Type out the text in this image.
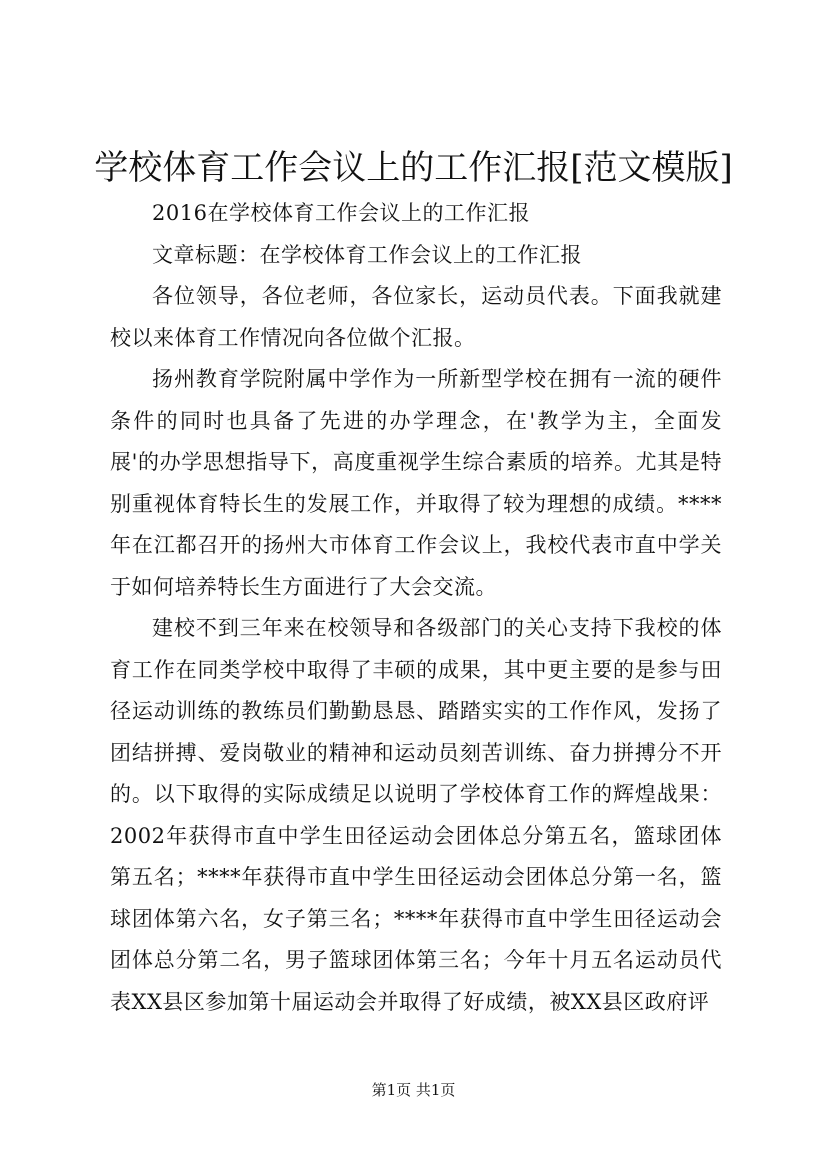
学校体育工作会议上的工作汇报[范文模版]

2016在学校体育工作会议上的工作汇报

文章标题：在学校体育工作会议上的工作汇报

各位领导，各位老师，各位家长，运动员代表。下面我就建校以来体育工作情况向各位做个汇报。

扬州教育学院附属中学作为一所新型学校在拥有一流的硬件条件的同时也具备了先进的办学理念，在'教学为主，全面发展'的办学思想指导下，高度重视学生综合素质的培养。尤其是特别重视体育特长生的发展工作，并取得了较为理想的成绩。****年在江都召开的扬州大市体育工作会议上，我校代表市直中学关于如何培养特长生方面进行了大会交流。

建校不到三年来在校领导和各级部门的关心支持下我校的体育工作在同类学校中取得了丰硕的成果，其中更主要的是参与田径运动训练的教练员们勤勤恳恳、踏踏实实的工作作风，发扬了团结拼搏、爱岗敬业的精神和运动员刻苦训练、奋力拼搏分不开的。以下取得的实际成绩足以说明了学校体育工作的辉煌战果：2002年获得市直中学生田径运动会团体总分第五名，篮球团体第五名；****年获得市直中学生田径运动会团体总分第一名，篮球团体第六名，女子第三名；****年获得市直中学生田径运动会团体总分第二名，男子篮球团体第三名；今年十月五名运动员代表XX县区参加第十届运动会并取得了好成绩，被XX县区政府评

第1页 共1页
